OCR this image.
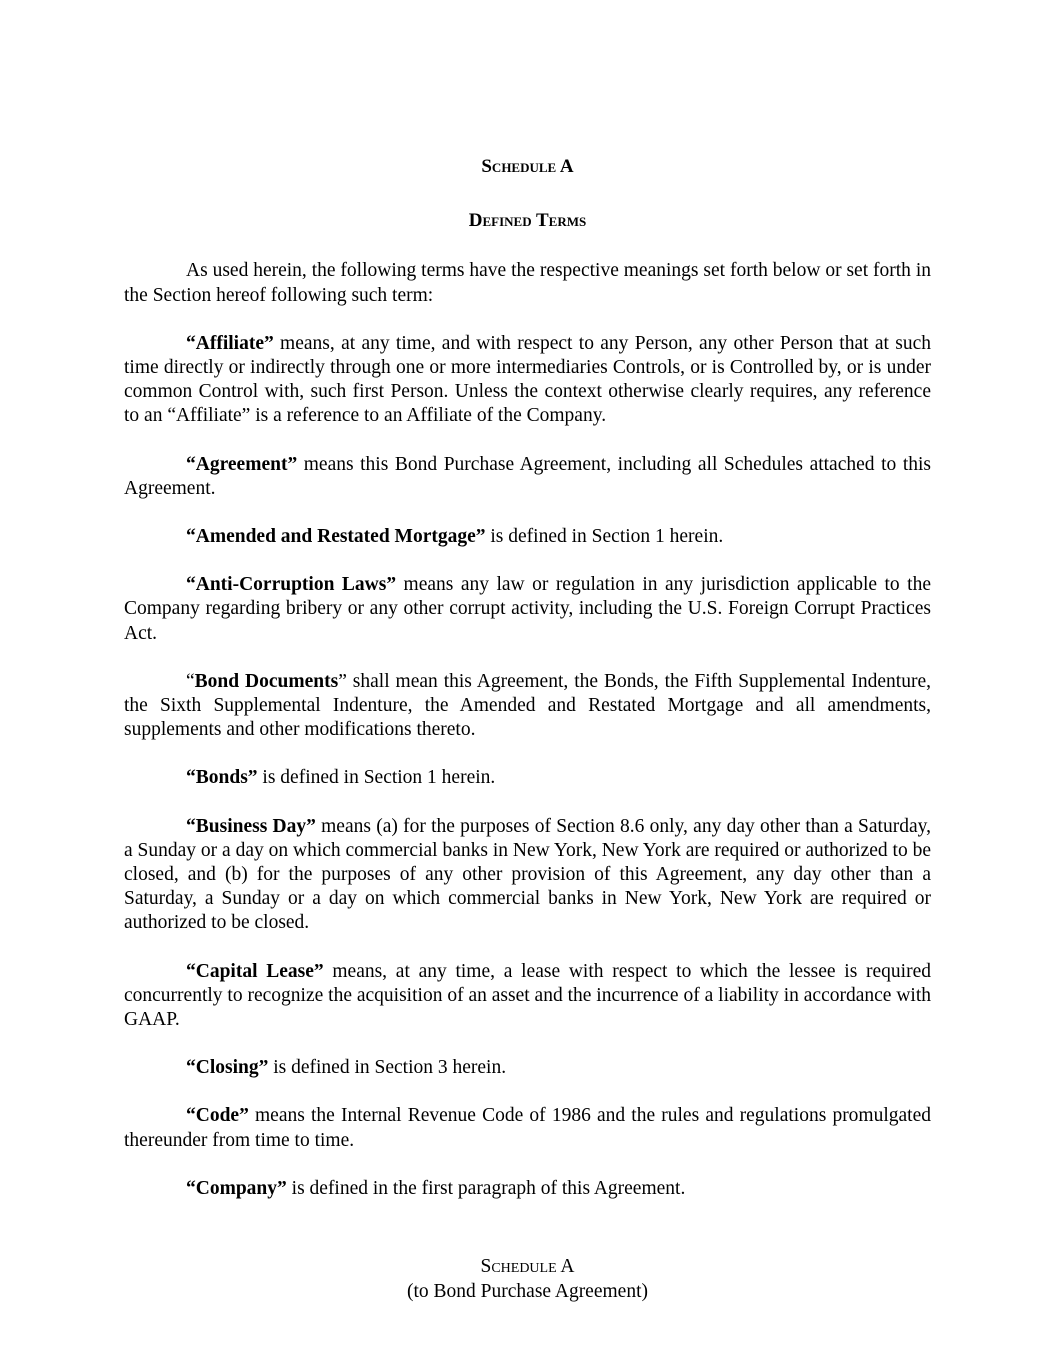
Schedule A
Defined Terms

As used herein, the following terms have the respective meanings set forth below or set forth in the Section hereof following such term:

“Affiliate” means, at any time, and with respect to any Person, any other Person that at such time directly or indirectly through one or more intermediaries Controls, or is Controlled by, or is under common Control with, such first Person. Unless the context otherwise clearly requires, any reference to an “Affiliate” is a reference to an Affiliate of the Company.

“Agreement” means this Bond Purchase Agreement, including all Schedules attached to this Agreement.

“Amended and Restated Mortgage” is defined in Section 1 herein.

“Anti-Corruption Laws” means any law or regulation in any jurisdiction applicable to the Company regarding bribery or any other corrupt activity, including the U.S. Foreign Corrupt Practices Act.

“Bond Documents” shall mean this Agreement, the Bonds, the Fifth Supplemental Indenture, the Sixth Supplemental Indenture, the Amended and Restated Mortgage and all amendments, supplements and other modifications thereto.

“Bonds” is defined in Section 1 herein.

“Business Day” means (a) for the purposes of Section 8.6 only, any day other than a Saturday, a Sunday or a day on which commercial banks in New York, New York are required or authorized to be closed, and (b) for the purposes of any other provision of this Agreement, any day other than a Saturday, a Sunday or a day on which commercial banks in New York, New York are required or authorized to be closed.

“Capital Lease” means, at any time, a lease with respect to which the lessee is required concurrently to recognize the acquisition of an asset and the incurrence of a liability in accordance with GAAP.

“Closing” is defined in Section 3 herein.

“Code” means the Internal Revenue Code of 1986 and the rules and regulations promulgated thereunder from time to time.

“Company” is defined in the first paragraph of this Agreement.

Schedule A
(to Bond Purchase Agreement)
